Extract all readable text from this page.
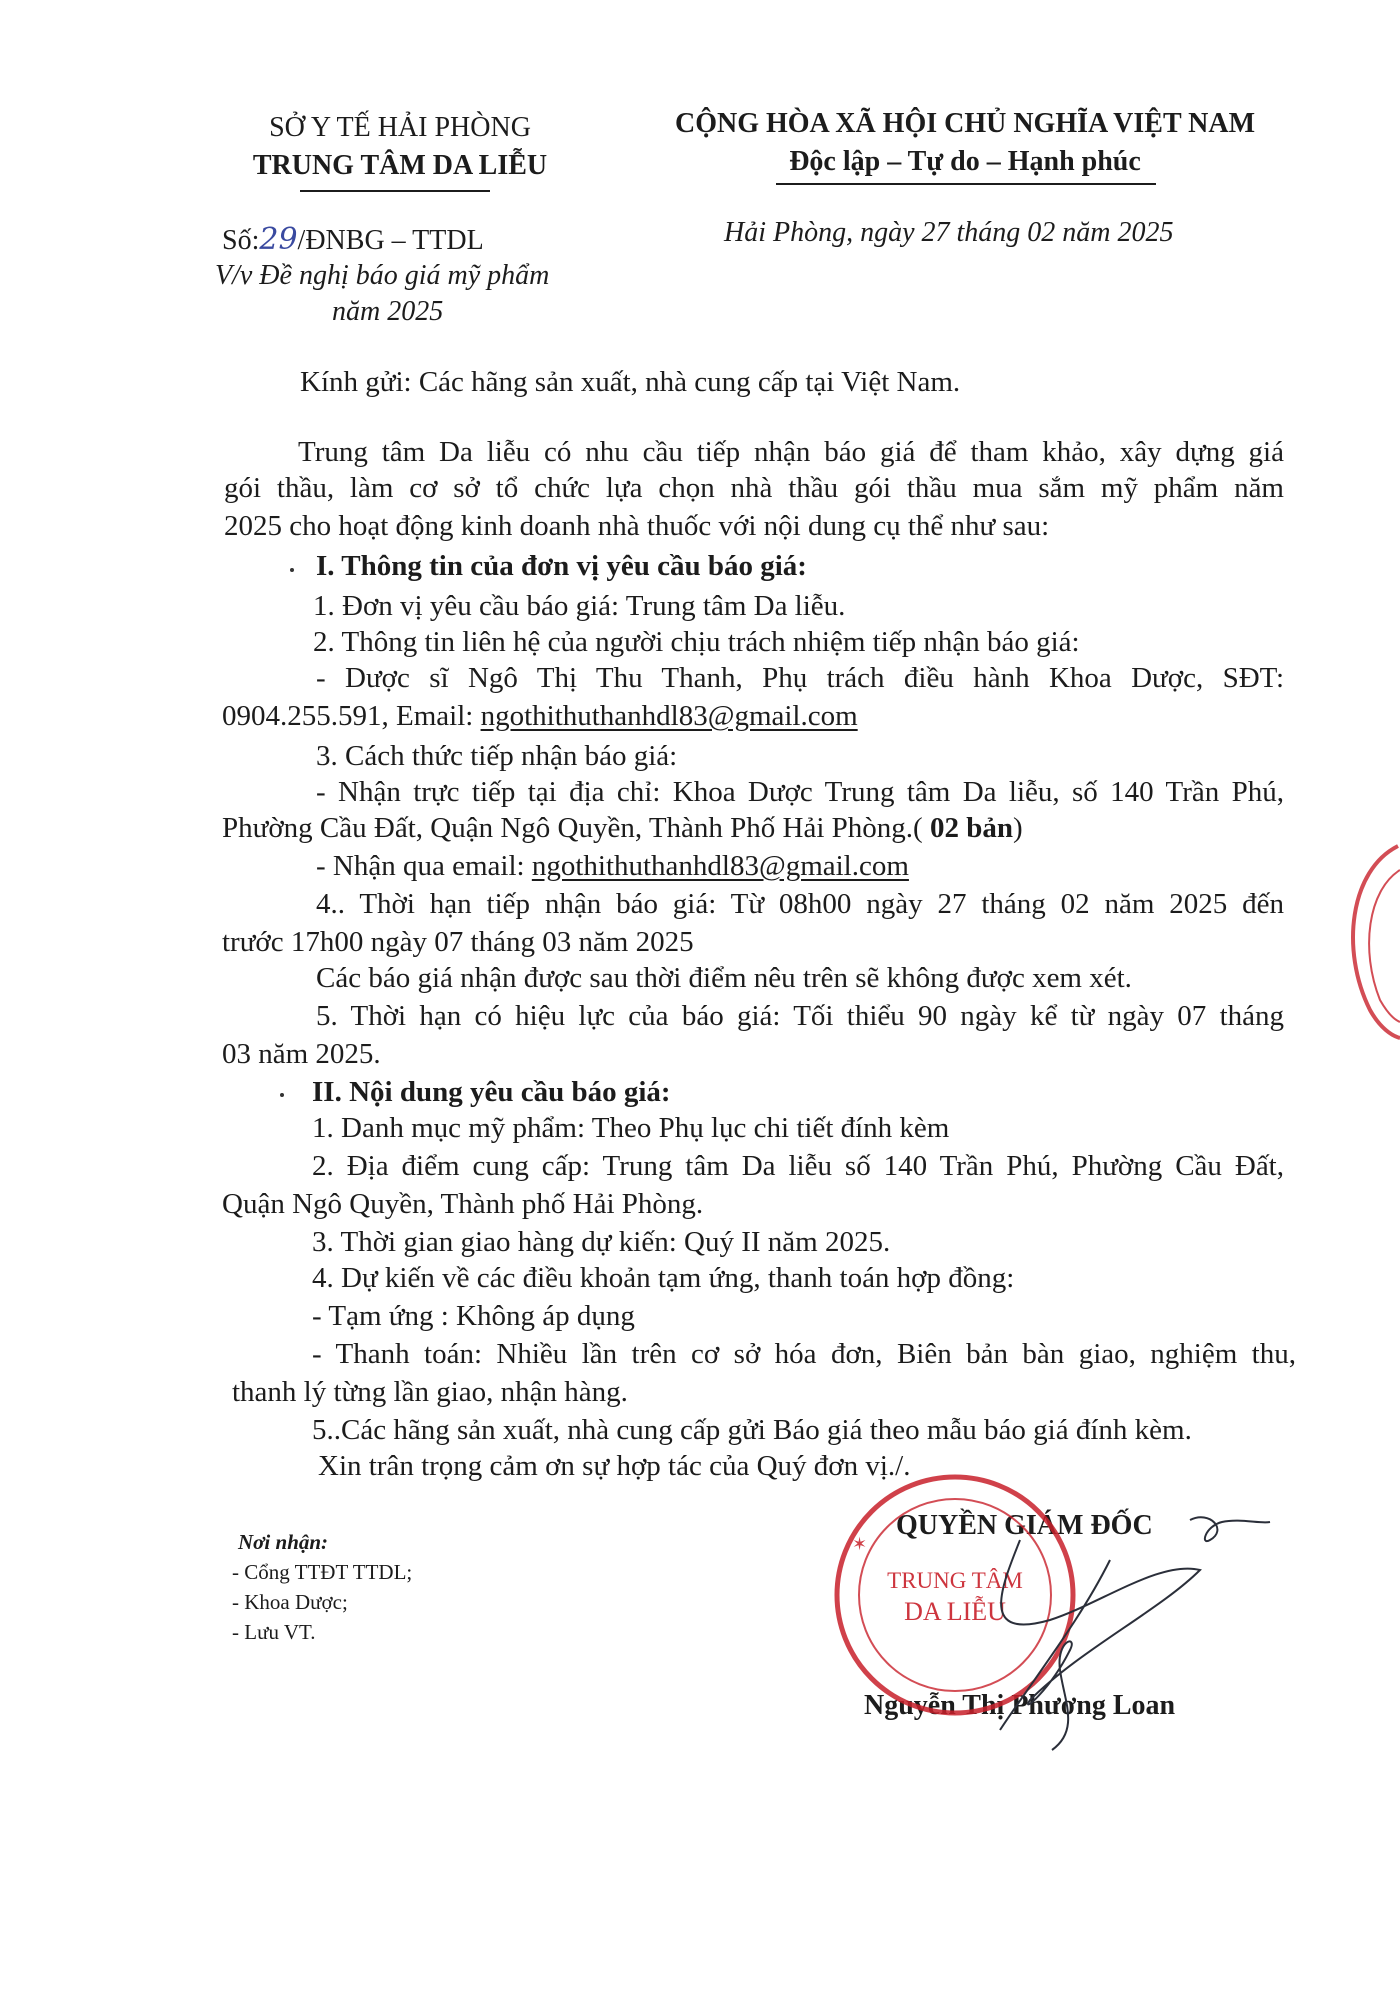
SỞ Y TẾ HẢI PHÒNG
TRUNG TÂM DA LIỄU
CỘNG HÒA XÃ HỘI CHỦ NGHĨA VIỆT NAM
Độc lập – Tự do – Hạnh phúc
Số:29/ĐNBG – TTDL
V/v Đề nghị báo giá mỹ phẩm
năm 2025
Hải Phòng, ngày 27 tháng 02 năm 2025
Kính gửi: Các hãng sản xuất, nhà cung cấp tại Việt Nam.
Trung tâm Da liễu có nhu cầu tiếp nhận báo giá để tham khảo, xây dựng giá
gói thầu, làm cơ sở tổ chức lựa chọn nhà thầu gói thầu mua sắm mỹ phẩm năm
2025 cho hoạt động kinh doanh nhà thuốc với nội dung cụ thể như sau:
I. Thông tin của đơn vị yêu cầu báo giá:
1. Đơn vị yêu cầu báo giá: Trung tâm Da liễu.
2. Thông tin liên hệ của người chịu trách nhiệm tiếp nhận báo giá:
- Dược sĩ Ngô Thị Thu Thanh, Phụ trách điều hành Khoa Dược, SĐT:
0904.255.591, Email: ngothithuthanhdl83@gmail.com
3. Cách thức tiếp nhận báo giá:
- Nhận trực tiếp tại địa chỉ: Khoa Dược Trung tâm Da liễu, số 140 Trần Phú,
Phường Cầu Đất, Quận Ngô Quyền, Thành Phố Hải Phòng.( 02 bản)
- Nhận qua email: ngothithuthanhdl83@gmail.com
4.. Thời hạn tiếp nhận báo giá: Từ 08h00 ngày 27 tháng 02 năm 2025 đến
trước 17h00 ngày 07 tháng 03 năm 2025
Các báo giá nhận được sau thời điểm nêu trên sẽ không được xem xét.
5. Thời hạn có hiệu lực của báo giá: Tối thiểu 90 ngày kể từ ngày 07 tháng
03 năm 2025.
II. Nội dung yêu cầu báo giá:
1. Danh mục mỹ phẩm: Theo Phụ lục chi tiết đính kèm
2. Địa điểm cung cấp: Trung tâm Da liễu số 140 Trần Phú, Phường Cầu Đất,
Quận Ngô Quyền, Thành phố Hải Phòng.
3. Thời gian giao hàng dự kiến: Quý II năm 2025.
4. Dự kiến về các điều khoản tạm ứng, thanh toán hợp đồng:
- Tạm ứng : Không áp dụng
- Thanh toán: Nhiều lần trên cơ sở hóa đơn, Biên bản bàn giao, nghiệm thu,
thanh lý từng lần giao, nhận hàng.
5..Các hãng sản xuất, nhà cung cấp gửi Báo giá theo mẫu báo giá đính kèm.
Xin trân trọng cảm ơn sự hợp tác của Quý đơn vị./.
Nơi nhận:
- Cổng TTĐT TTDL;
- Khoa Dược;
- Lưu VT.
QUYỀN GIÁM ĐỐC
Nguyễn Thị Phương Loan
✶
TRUNG TÂM
DA LIỄU
